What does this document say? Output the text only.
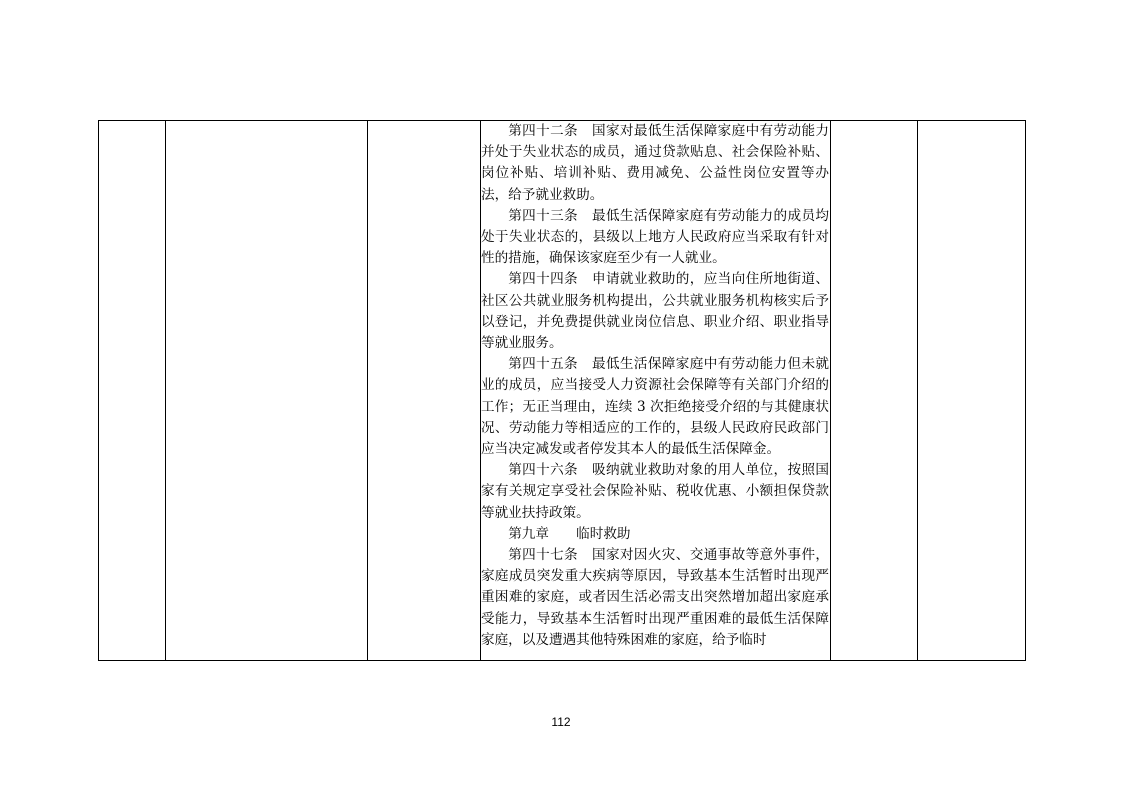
第四十二条　国家对最低生活保障家庭中有劳动能力并处于失业状态的成员，通过贷款贴息、社会保险补贴、岗位补贴、培训补贴、费用减免、公益性岗位安置等办法，给予就业救助。

第四十三条　最低生活保障家庭有劳动能力的成员均处于失业状态的，县级以上地方人民政府应当采取有针对性的措施，确保该家庭至少有一人就业。

第四十四条　申请就业救助的，应当向住所地街道、社区公共就业服务机构提出，公共就业服务机构核实后予以登记，并免费提供就业岗位信息、职业介绍、职业指导等就业服务。

第四十五条　最低生活保障家庭中有劳动能力但未就业的成员，应当接受人力资源社会保障等有关部门介绍的工作；无正当理由，连续 3 次拒绝接受介绍的与其健康状况、劳动能力等相适应的工作的，县级人民政府民政部门应当决定减发或者停发其本人的最低生活保障金。

第四十六条　吸纳就业救助对象的用人单位，按照国家有关规定享受社会保险补贴、税收优惠、小额担保贷款等就业扶持政策。

第九章　　临时救助

第四十七条　国家对因火灾、交通事故等意外事件，家庭成员突发重大疾病等原因，导致基本生活暂时出现严重困难的家庭，或者因生活必需支出突然增加超出家庭承受能力，导致基本生活暂时出现严重困难的最低生活保障家庭，以及遭遇其他特殊困难的家庭，给予临时

112
